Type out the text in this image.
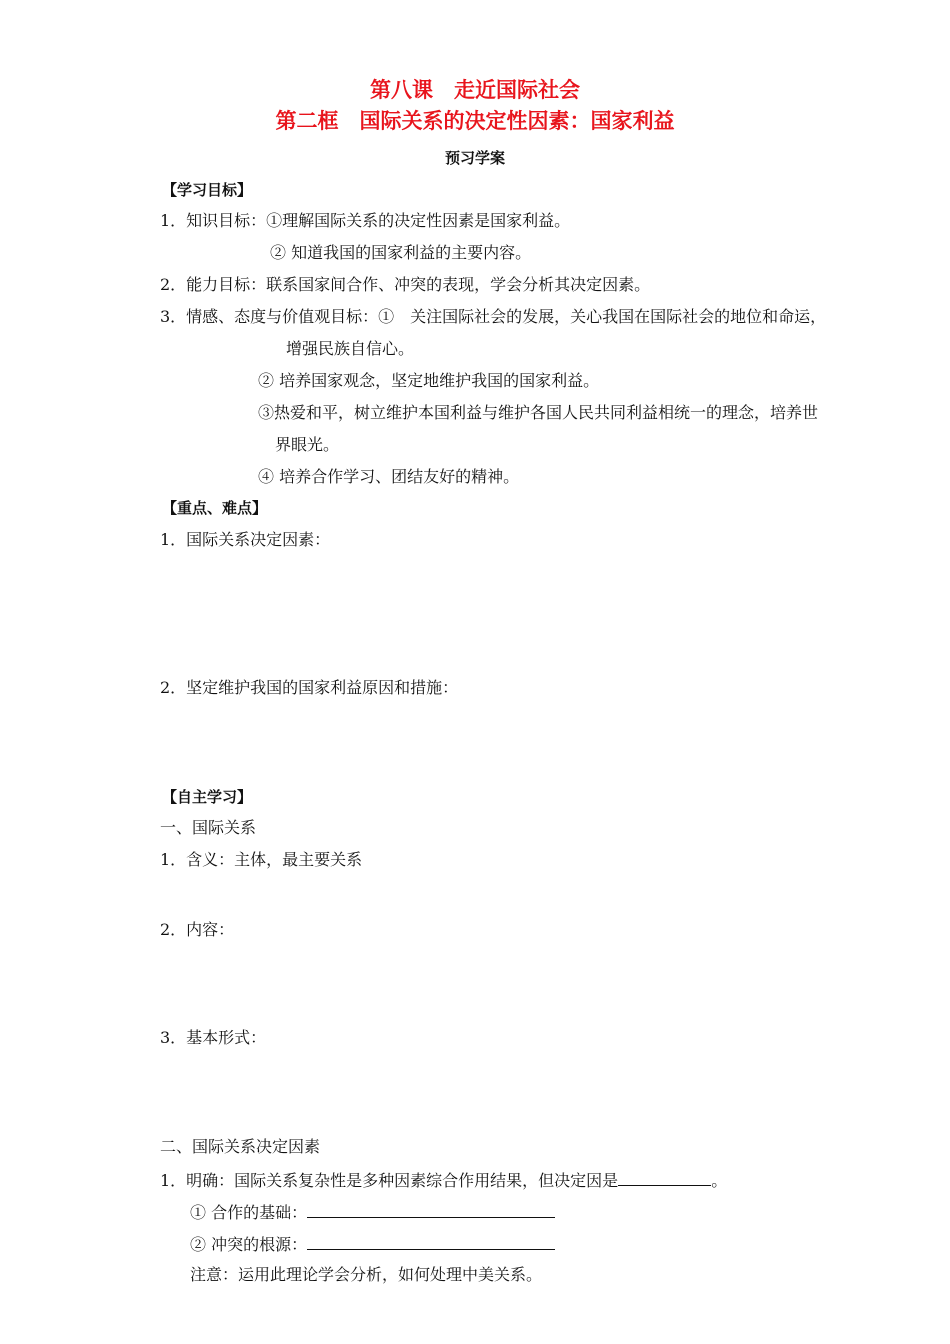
第八课　走近国际社会
第二框　国际关系的决定性因素：国家利益
预习学案
【学习目标】
1．知识目标：①理解国际关系的决定性因素是国家利益。
② 知道我国的国家利益的主要内容。
2．能力目标：联系国家间合作、冲突的表现，学会分析其决定因素。
3．情感、态度与价值观目标：①　关注国际社会的发展，关心我国在国际社会的地位和命运，
增强民族自信心。
② 培养国家观念，坚定地维护我国的国家利益。
③热爱和平，树立维护本国利益与维护各国人民共同利益相统一的理念，培养世
界眼光。
④ 培养合作学习、团结友好的精神。
【重点、难点】
1．国际关系决定因素：
2．坚定维护我国的国家利益原因和措施：
【自主学习】
一、国际关系
1．含义：主体，最主要关系
2．内容：
3．基本形式：
二、国际关系决定因素
1．明确：国际关系复杂性是多种因素综合作用结果，但决定因是	。
① 合作的基础：
② 冲突的根源：
注意：运用此理论学会分析，如何处理中美关系。
